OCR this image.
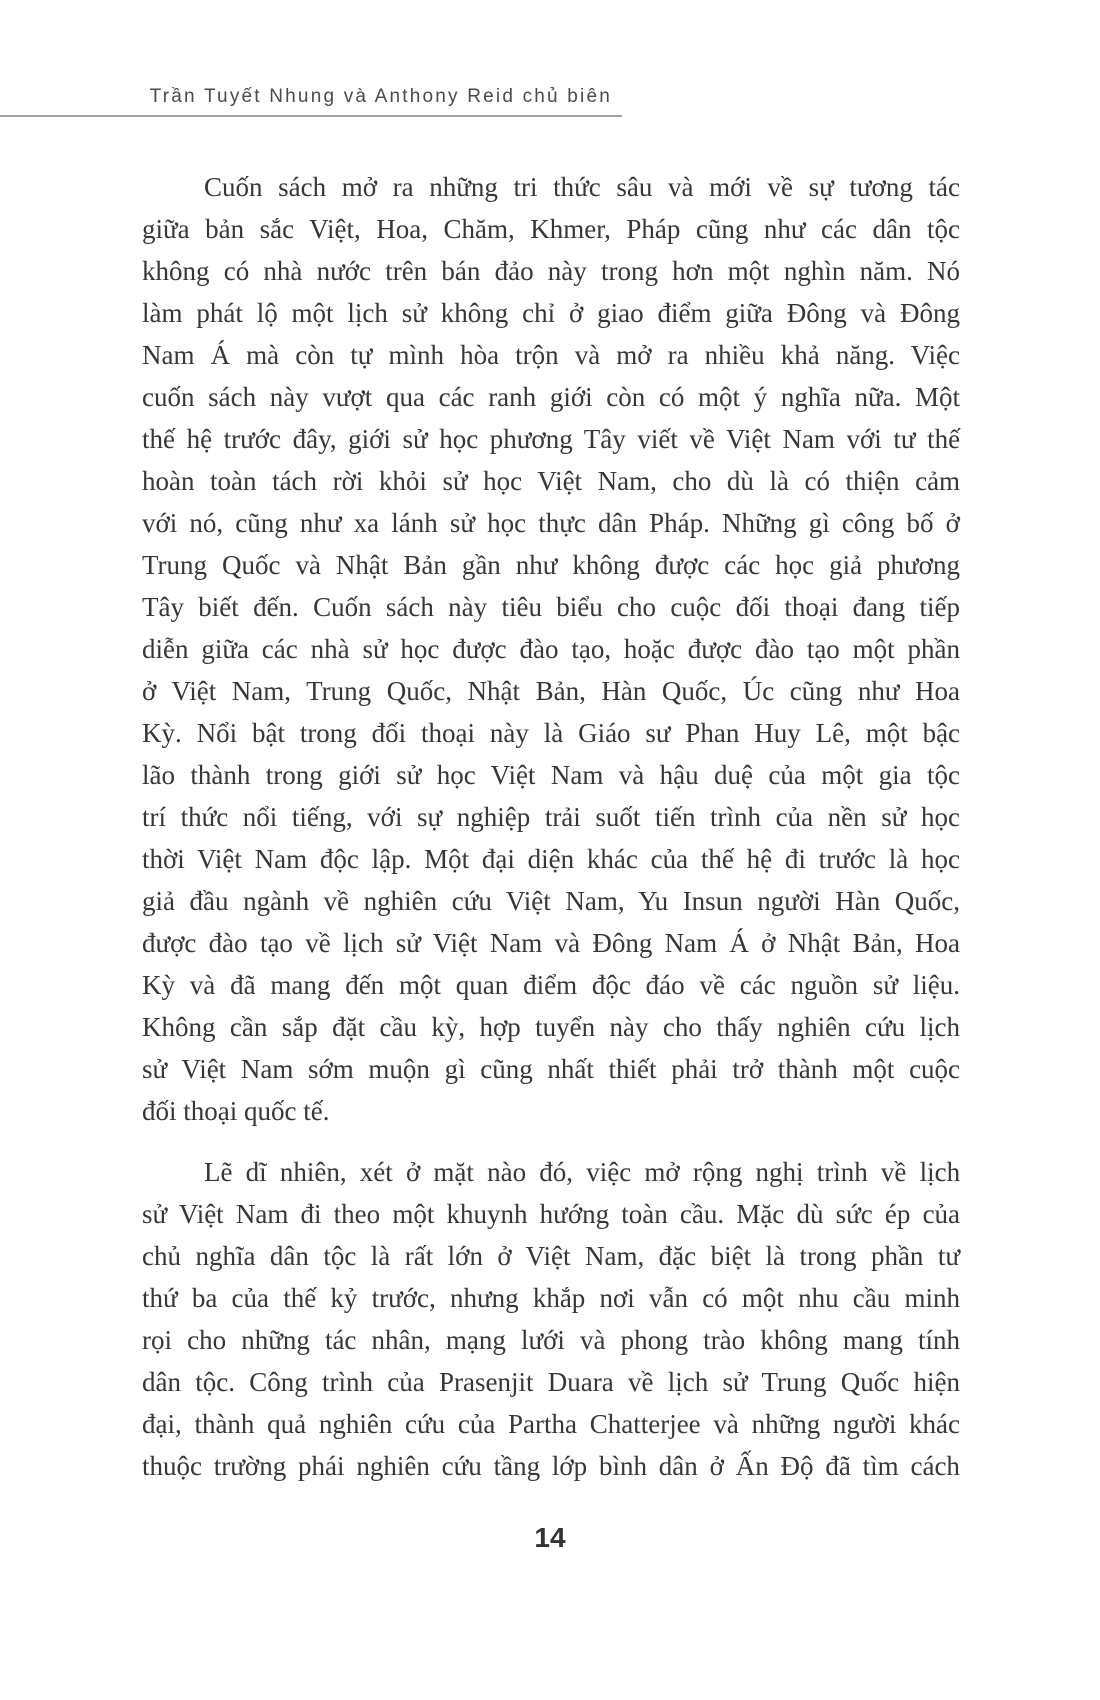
Trần Tuyết Nhung và Anthony Reid chủ biên
Cuốn sách mở ra những tri thức sâu và mới về sự tương tác
giữa bản sắc Việt, Hoa, Chăm, Khmer, Pháp cũng như các dân tộc
không có nhà nước trên bán đảo này trong hơn một nghìn năm. Nó
làm phát lộ một lịch sử không chỉ ở giao điểm giữa Đông và Đông
Nam Á mà còn tự mình hòa trộn và mở ra nhiều khả năng. Việc
cuốn sách này vượt qua các ranh giới còn có một ý nghĩa nữa. Một
thế hệ trước đây, giới sử học phương Tây viết về Việt Nam với tư thế
hoàn toàn tách rời khỏi sử học Việt Nam, cho dù là có thiện cảm
với nó, cũng như xa lánh sử học thực dân Pháp. Những gì công bố ở
Trung Quốc và Nhật Bản gần như không được các học giả phương
Tây biết đến. Cuốn sách này tiêu biểu cho cuộc đối thoại đang tiếp
diễn giữa các nhà sử học được đào tạo, hoặc được đào tạo một phần
ở Việt Nam, Trung Quốc, Nhật Bản, Hàn Quốc, Úc cũng như Hoa
Kỳ. Nổi bật trong đối thoại này là Giáo sư Phan Huy Lê, một bậc
lão thành trong giới sử học Việt Nam và hậu duệ của một gia tộc
trí thức nổi tiếng, với sự nghiệp trải suốt tiến trình của nền sử học
thời Việt Nam độc lập. Một đại diện khác của thế hệ đi trước là học
giả đầu ngành về nghiên cứu Việt Nam, Yu Insun người Hàn Quốc,
được đào tạo về lịch sử Việt Nam và Đông Nam Á ở Nhật Bản, Hoa
Kỳ và đã mang đến một quan điểm độc đáo về các nguồn sử liệu.
Không cần sắp đặt cầu kỳ, hợp tuyển này cho thấy nghiên cứu lịch
sử Việt Nam sớm muộn gì cũng nhất thiết phải trở thành một cuộc
đối thoại quốc tế.
Lẽ dĩ nhiên, xét ở mặt nào đó, việc mở rộng nghị trình về lịch
sử Việt Nam đi theo một khuynh hướng toàn cầu. Mặc dù sức ép của
chủ nghĩa dân tộc là rất lớn ở Việt Nam, đặc biệt là trong phần tư
thứ ba của thế kỷ trước, nhưng khắp nơi vẫn có một nhu cầu minh
rọi cho những tác nhân, mạng lưới và phong trào không mang tính
dân tộc. Công trình của Prasenjit Duara về lịch sử Trung Quốc hiện
đại, thành quả nghiên cứu của Partha Chatterjee và những người khác
thuộc trường phái nghiên cứu tầng lớp bình dân ở Ấn Độ đã tìm cách
14
